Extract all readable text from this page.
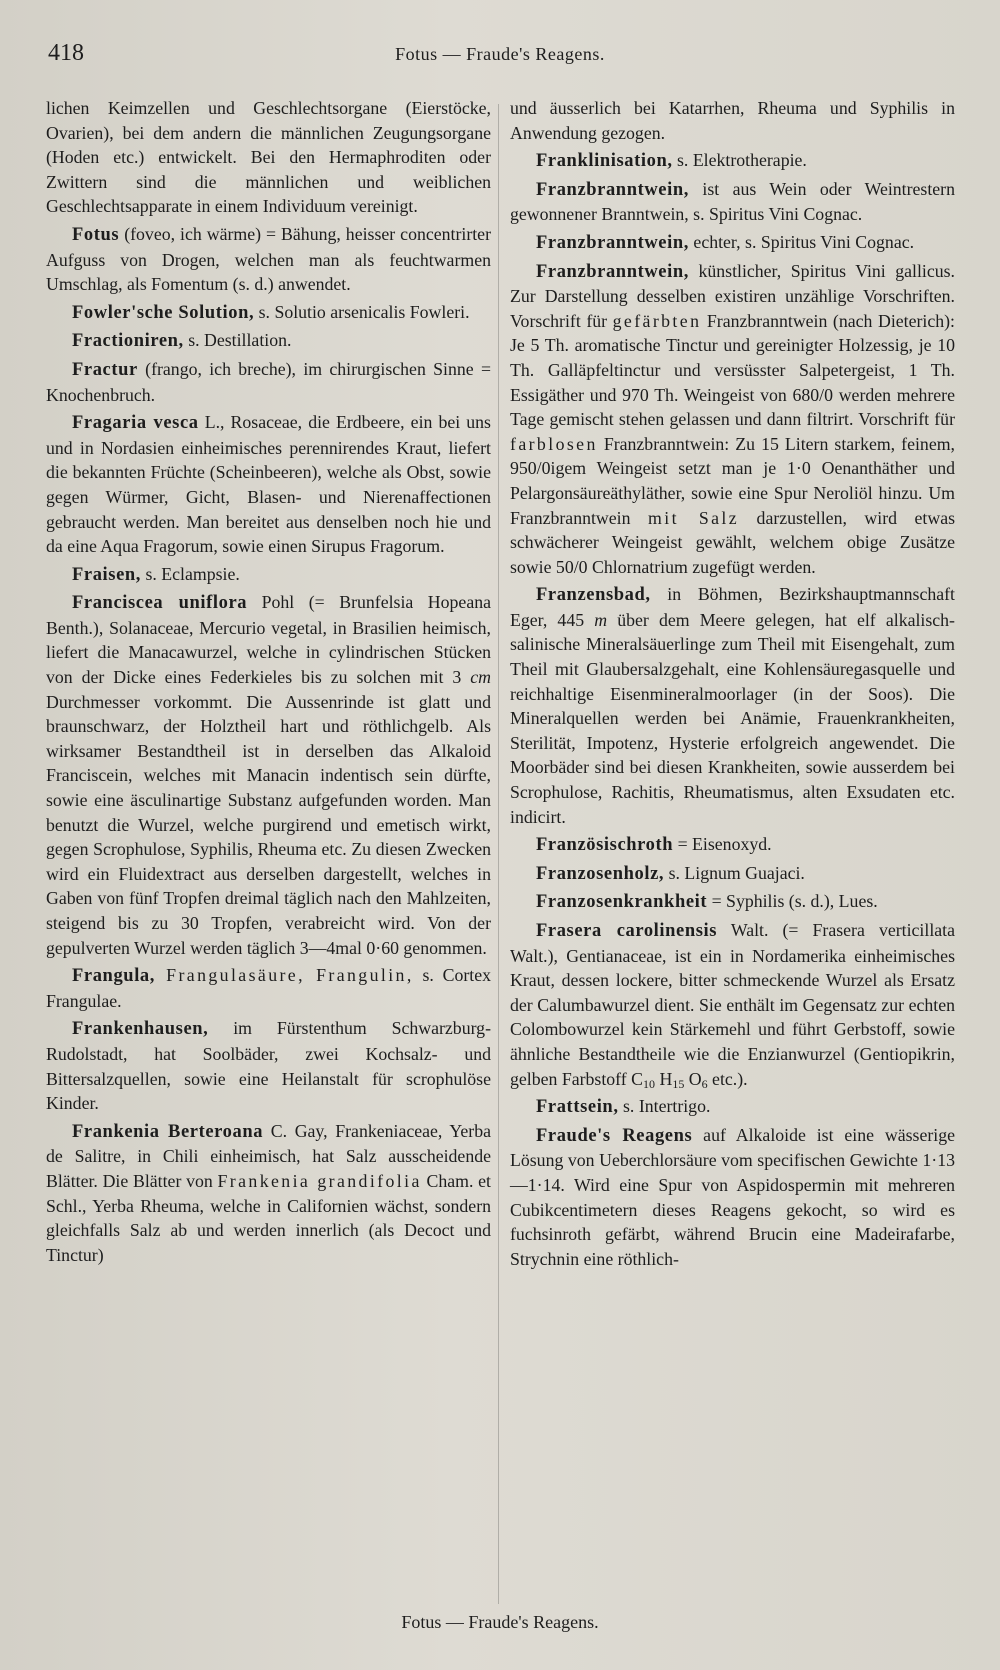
418	Fotus — Fraude's Reagens.

lichen Keimzellen und Geschlechtsorgane (Eierstöcke, Ovarien), bei dem andern die männlichen Zeugungsorgane (Hoden etc.) entwickelt. Bei den Hermaphroditen oder Zwittern sind die männlichen und weiblichen Geschlechtsapparate in einem Individuum vereinigt.

Fotus (foveo, ich wärme) = Bähung, heisser concentrirter Aufguss von Drogen, welchen man als feuchtwarmen Umschlag, als Fomentum (s. d.) anwendet.

Fowler'sche Solution, s. Solutio arsenicalis Fowleri.

Fractioniren, s. Destillation.

Fractur (frango, ich breche), im chirurgischen Sinne = Knochenbruch.

Fragaria vesca L., Rosaceae, die Erdbeere, ein bei uns und in Nordasien einheimisches perennirendes Kraut, liefert die bekannten Früchte (Scheinbeeren), welche als Obst, sowie gegen Würmer, Gicht, Blasen- und Nierenaffectionen gebraucht werden. Man bereitet aus denselben noch hie und da eine Aqua Fragorum, sowie einen Sirupus Fragorum.

Fraisen, s. Eclampsie.

Franciscea uniflora Pohl (= Brunfelsia Hopeana Benth.), Solanaceae, Mercurio vegetal, in Brasilien heimisch, liefert die Manacawurzel, welche in cylindrischen Stücken von der Dicke eines Federkieles bis zu solchen mit 3 cm Durchmesser vorkommt. Die Aussenrinde ist glatt und braunschwarz, der Holztheil hart und röthlichgelb. Als wirksamer Bestandtheil ist in derselben das Alkaloid Franciscein, welches mit Manacin indentisch sein dürfte, sowie eine äsculinartige Substanz aufgefunden worden. Man benutzt die Wurzel, welche purgirend und emetisch wirkt, gegen Scrophulose, Syphilis, Rheuma etc. Zu diesen Zwecken wird ein Fluidextract aus derselben dargestellt, welches in Gaben von fünf Tropfen dreimal täglich nach den Mahlzeiten, steigend bis zu 30 Tropfen, verabreicht wird. Von der gepulverten Wurzel werden täglich 3—4mal 0·60 genommen.

Frangula, Frangulasäure, Frangulin, s. Cortex Frangulae.

Frankenhausen, im Fürstenthum Schwarzburg-Rudolstadt, hat Soolbäder, zwei Kochsalz- und Bittersalzquellen, sowie eine Heilanstalt für scrophulöse Kinder.

Frankenia Berteroana C. Gay, Frankeniaceae, Yerba de Salitre, in Chili einheimisch, hat Salz ausscheidende Blätter. Die Blätter von Frankenia grandifolia Cham. et Schl., Yerba Rheuma, welche in Californien wächst, sondern gleichfalls Salz ab und werden innerlich (als Decoct und Tinctur)

und äusserlich bei Katarrhen, Rheuma und Syphilis in Anwendung gezogen.

Franklinisation, s. Elektrotherapie.

Franzbranntwein, ist aus Wein oder Weintrestern gewonnener Branntwein, s. Spiritus Vini Cognac.

Franzbranntwein, echter, s. Spiritus Vini Cognac.

Franzbranntwein, künstlicher, Spiritus Vini gallicus. Zur Darstellung desselben existiren unzählige Vorschriften. Vorschrift für gefärbten Franzbranntwein (nach Dieterich): Je 5 Th. aromatische Tinctur und gereinigter Holzessig, je 10 Th. Galläpfeltinctur und versüsster Salpetergeist, 1 Th. Essigäther und 970 Th. Weingeist von 680/0 werden mehrere Tage gemischt stehen gelassen und dann filtrirt. Vorschrift für farblosen Franzbranntwein: Zu 15 Litern starkem, feinem, 950/0igem Weingeist setzt man je 1·0 Oenanthäther und Pelargonsäureäthyläther, sowie eine Spur Neroliöl hinzu. Um Franzbranntwein mit Salz darzustellen, wird etwas schwächerer Weingeist gewählt, welchem obige Zusätze sowie 50/0 Chlornatrium zugefügt werden.

Franzensbad, in Böhmen, Bezirkshauptmannschaft Eger, 445 m über dem Meere gelegen, hat elf alkalisch-salinische Mineralsäuerlinge zum Theil mit Eisengehalt, zum Theil mit Glaubersalzgehalt, eine Kohlensäuregasquelle und reichhaltige Eisenmineralmoorlager (in der Soos). Die Mineralquellen werden bei Anämie, Frauenkrankheiten, Sterilität, Impotenz, Hysterie erfolgreich angewendet. Die Moorbäder sind bei diesen Krankheiten, sowie ausserdem bei Scrophulose, Rachitis, Rheumatismus, alten Exsudaten etc. indicirt.

Französischroth = Eisenoxyd.

Franzosenholz, s. Lignum Guajaci.

Franzosenkrankheit = Syphilis (s. d.), Lues.

Frasera carolinensis Walt. (= Frasera verticillata Walt.), Gentianaceae, ist ein in Nordamerika einheimisches Kraut, dessen lockere, bitter schmeckende Wurzel als Ersatz der Calumbawurzel dient. Sie enthält im Gegensatz zur echten Colombowurzel kein Stärkemehl und führt Gerbstoff, sowie ähnliche Bestandtheile wie die Enzianwurzel (Gentiopikrin, gelben Farbstoff $C_{10}$ $H_{15}$ $O_6$ etc.).

Frattsein, s. Intertrigo.

Fraude's Reagens auf Alkaloide ist eine wässerige Lösung von Ueberchlorsäure vom specifischen Gewichte 1·13—1·14. Wird eine Spur von Aspidospermin mit mehreren Cubikcentimetern dieses Reagens gekocht, so wird es fuchsinroth gefärbt, während Brucin eine Madeirafarbe, Strychnin eine röthlich-

Fotus — Fraude's Reagens.
